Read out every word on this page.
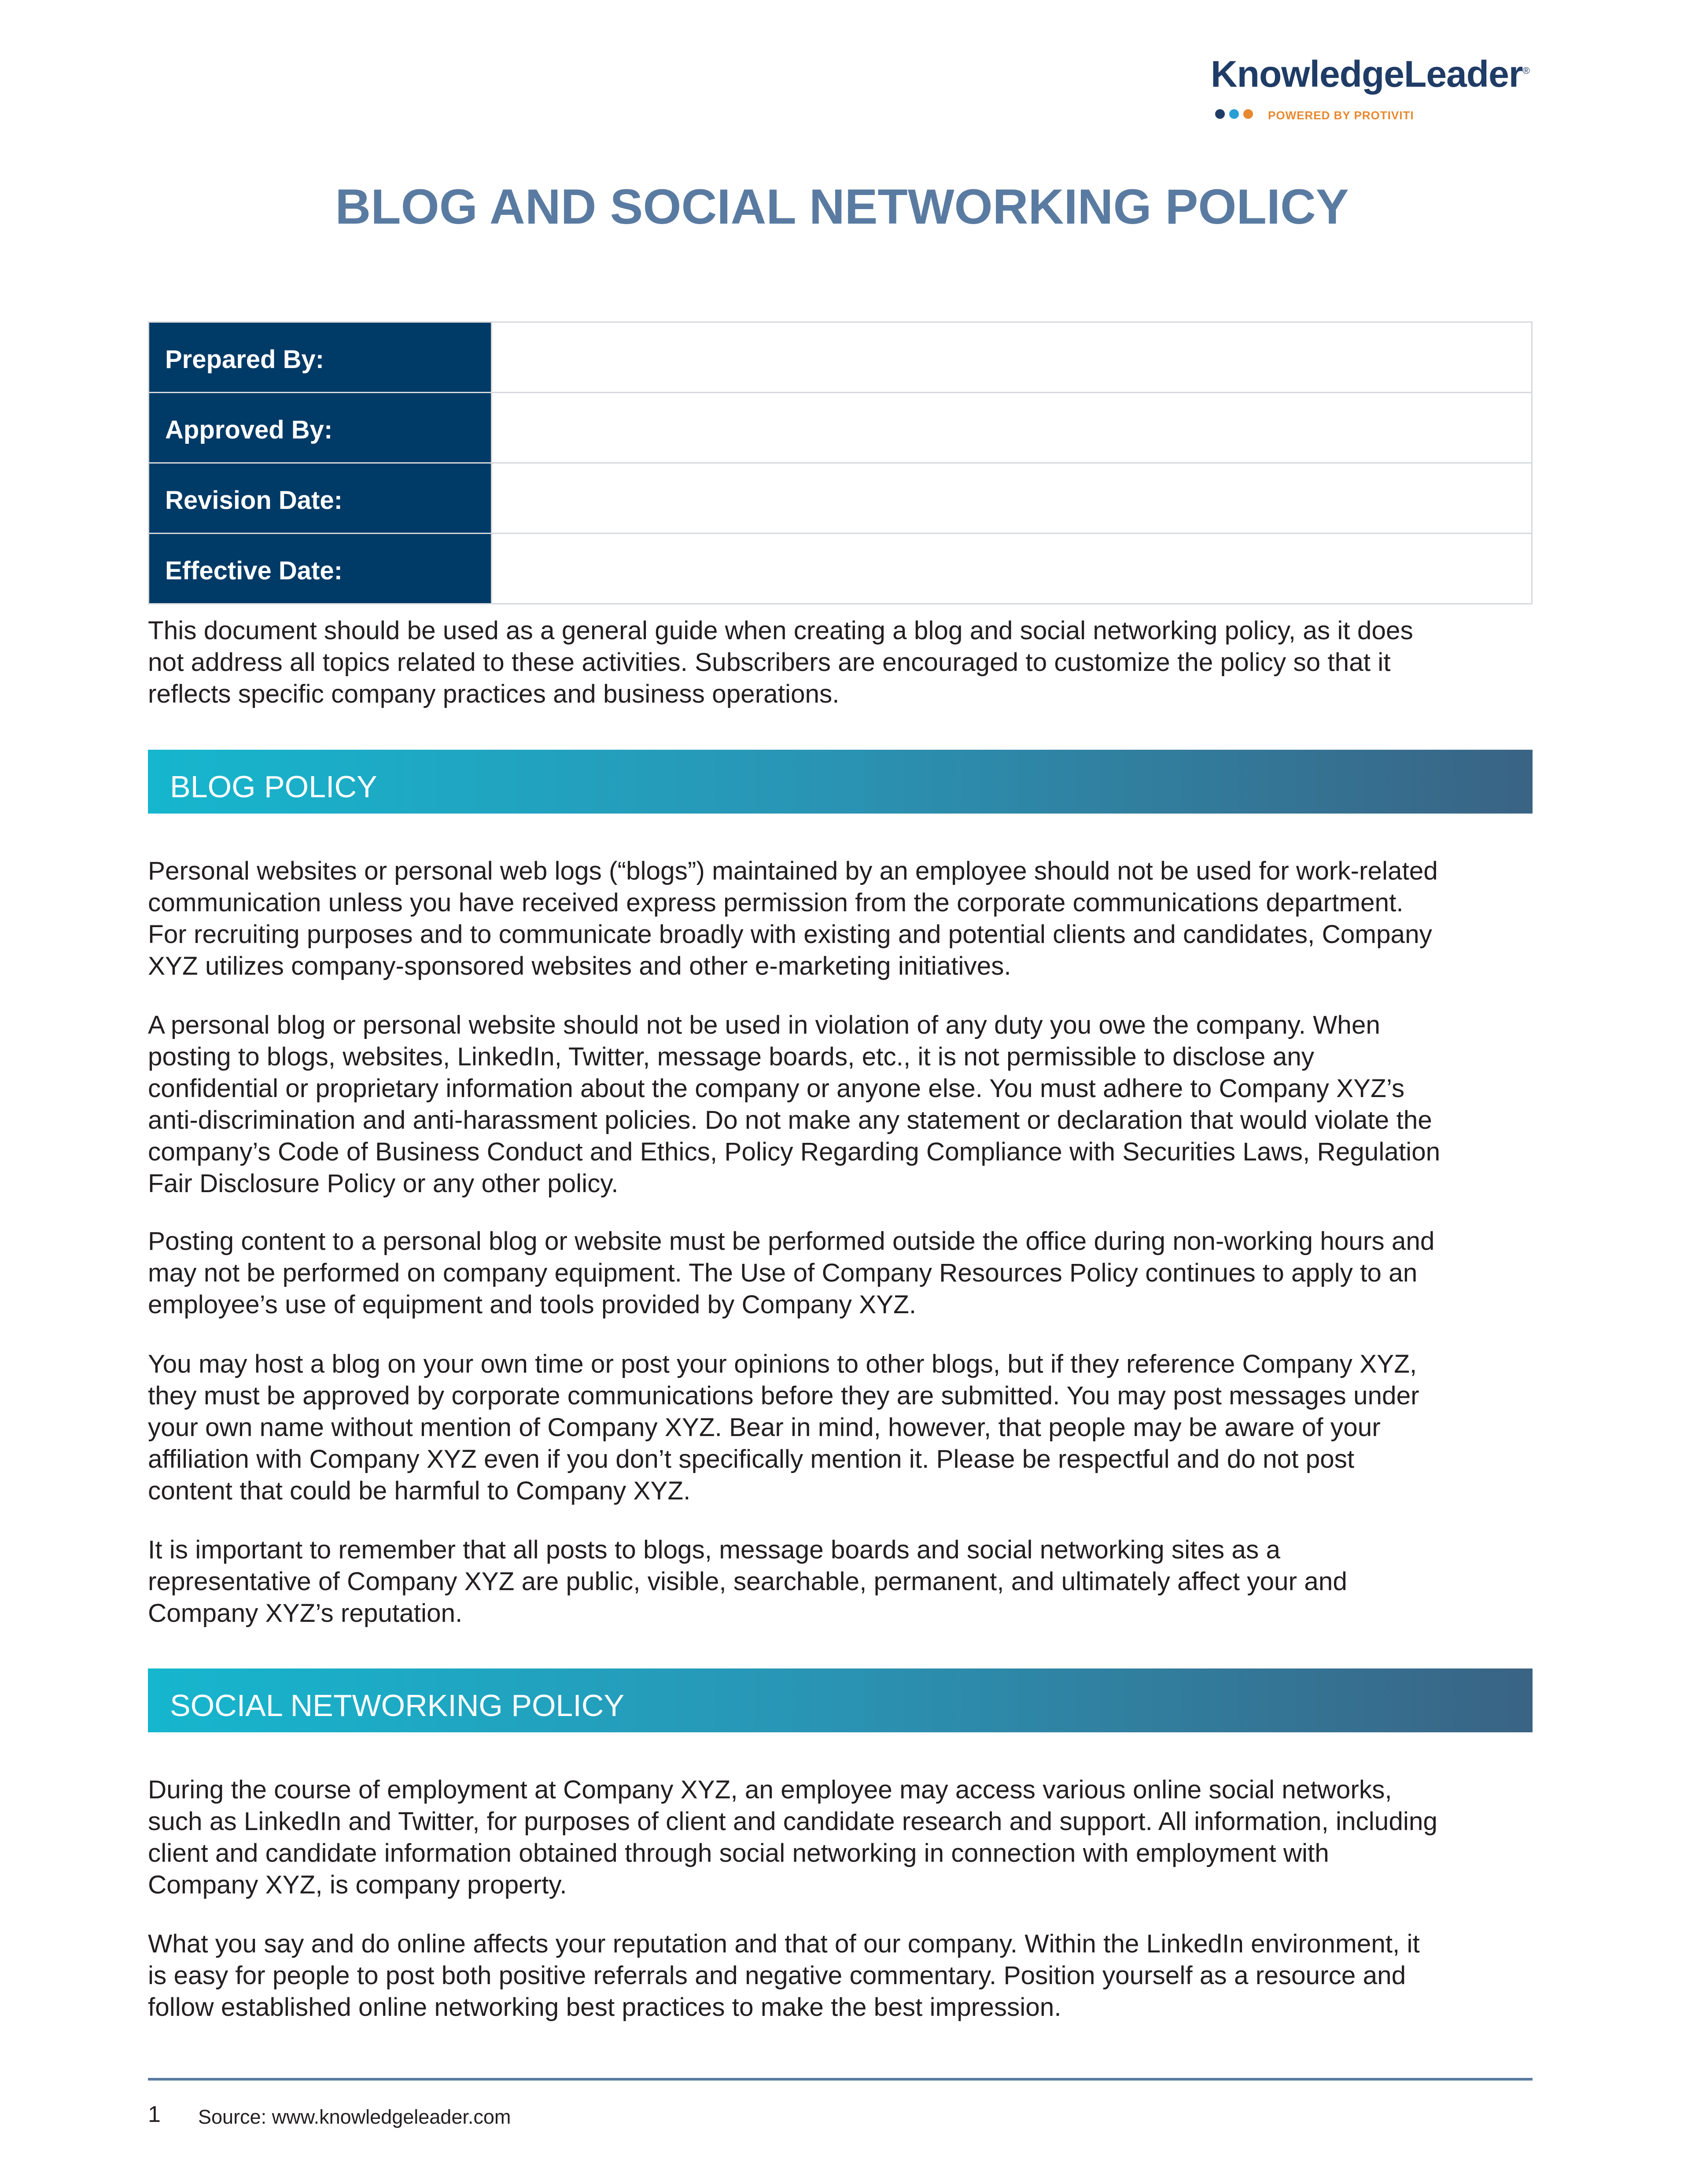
KnowledgeLeader®
POWERED BY PROTIVITI
BLOG AND SOCIAL NETWORKING POLICY
Prepared By:	
Approved By:	
Revision Date:	
Effective Date:	

This document should be used as a general guide when creating a blog and social networking policy, as it does
not address all topics related to these activities. Subscribers are encouraged to customize the policy so that it
reflects specific company practices and business operations.

BLOG POLICY

Personal websites or personal web logs (“blogs”) maintained by an employee should not be used for work-related
communication unless you have received express permission from the corporate communications department.
For recruiting purposes and to communicate broadly with existing and potential clients and candidates, Company
XYZ utilizes company-sponsored websites and other e-marketing initiatives.

A personal blog or personal website should not be used in violation of any duty you owe the company. When
posting to blogs, websites, LinkedIn, Twitter, message boards, etc., it is not permissible to disclose any
confidential or proprietary information about the company or anyone else. You must adhere to Company XYZ’s
anti-discrimination and anti-harassment policies. Do not make any statement or declaration that would violate the
company’s Code of Business Conduct and Ethics, Policy Regarding Compliance with Securities Laws, Regulation
Fair Disclosure Policy or any other policy.

Posting content to a personal blog or website must be performed outside the office during non-working hours and
may not be performed on company equipment. The Use of Company Resources Policy continues to apply to an
employee’s use of equipment and tools provided by Company XYZ.

You may host a blog on your own time or post your opinions to other blogs, but if they reference Company XYZ,
they must be approved by corporate communications before they are submitted. You may post messages under
your own name without mention of Company XYZ. Bear in mind, however, that people may be aware of your
affiliation with Company XYZ even if you don’t specifically mention it. Please be respectful and do not post
content that could be harmful to Company XYZ.

It is important to remember that all posts to blogs, message boards and social networking sites as a
representative of Company XYZ are public, visible, searchable, permanent, and ultimately affect your and
Company XYZ’s reputation.

SOCIAL NETWORKING POLICY

During the course of employment at Company XYZ, an employee may access various online social networks,
such as LinkedIn and Twitter, for purposes of client and candidate research and support. All information, including
client and candidate information obtained through social networking in connection with employment with
Company XYZ, is company property.

What you say and do online affects your reputation and that of our company. Within the LinkedIn environment, it
is easy for people to post both positive referrals and negative commentary. Position yourself as a resource and
follow established online networking best practices to make the best impression.

1 Source: www.knowledgeleader.com
